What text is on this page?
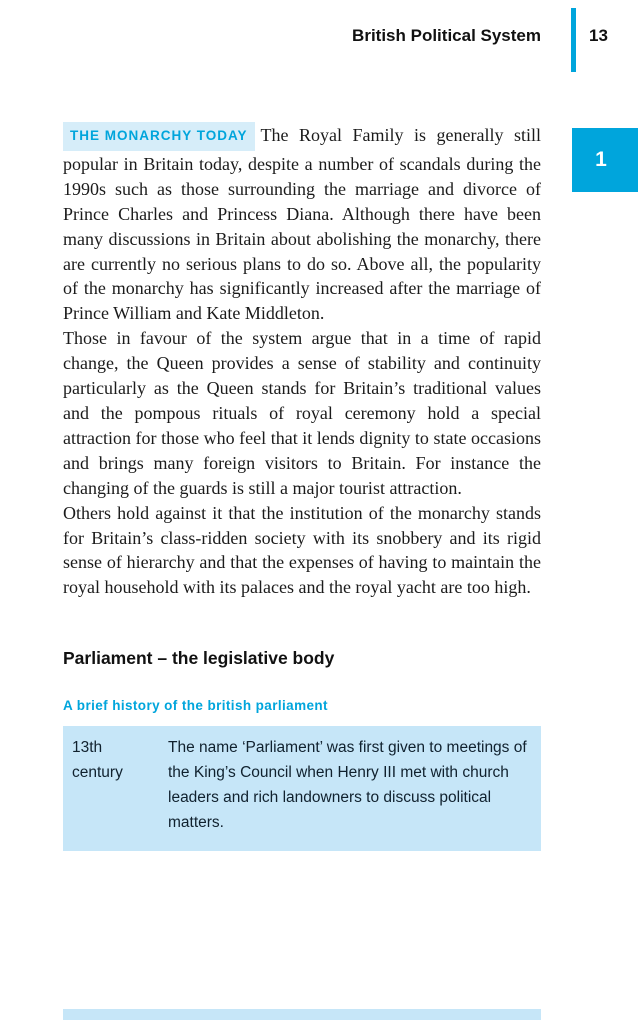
British Political System	13
1

THE MONARCHY TODAY The Royal Family is generally still popular in Britain today, despite a number of scandals during the 1990s such as those surrounding the marriage and divorce of Prince Charles and Princess Diana. Although there have been many discussions in Britain about abolishing the monarchy, there are currently no serious plans to do so. Above all, the popularity of the monarchy has significantly increased after the marriage of Prince William and Kate Middleton.

Those in favour of the system argue that in a time of rapid change, the Queen provides a sense of stability and continuity particularly as the Queen stands for Britain’s traditional values and the pompous rituals of royal ceremony hold a special attraction for those who feel that it lends dignity to state occasions and brings many foreign visitors to Britain. For instance the changing of the guards is still a major tourist attraction.

Others hold against it that the institution of the monarchy stands for Britain’s class-ridden society with its snobbery and its rigid sense of hierarchy and that the expenses of having to maintain the royal household with its palaces and the royal yacht are too high.

Parliament – the legislative body
A brief history of the british parliament
13th century
The name ‘Parliament’ was first given to meetings of the King’s Council when Henry III met with church leaders and rich landowners to discuss political matters.
